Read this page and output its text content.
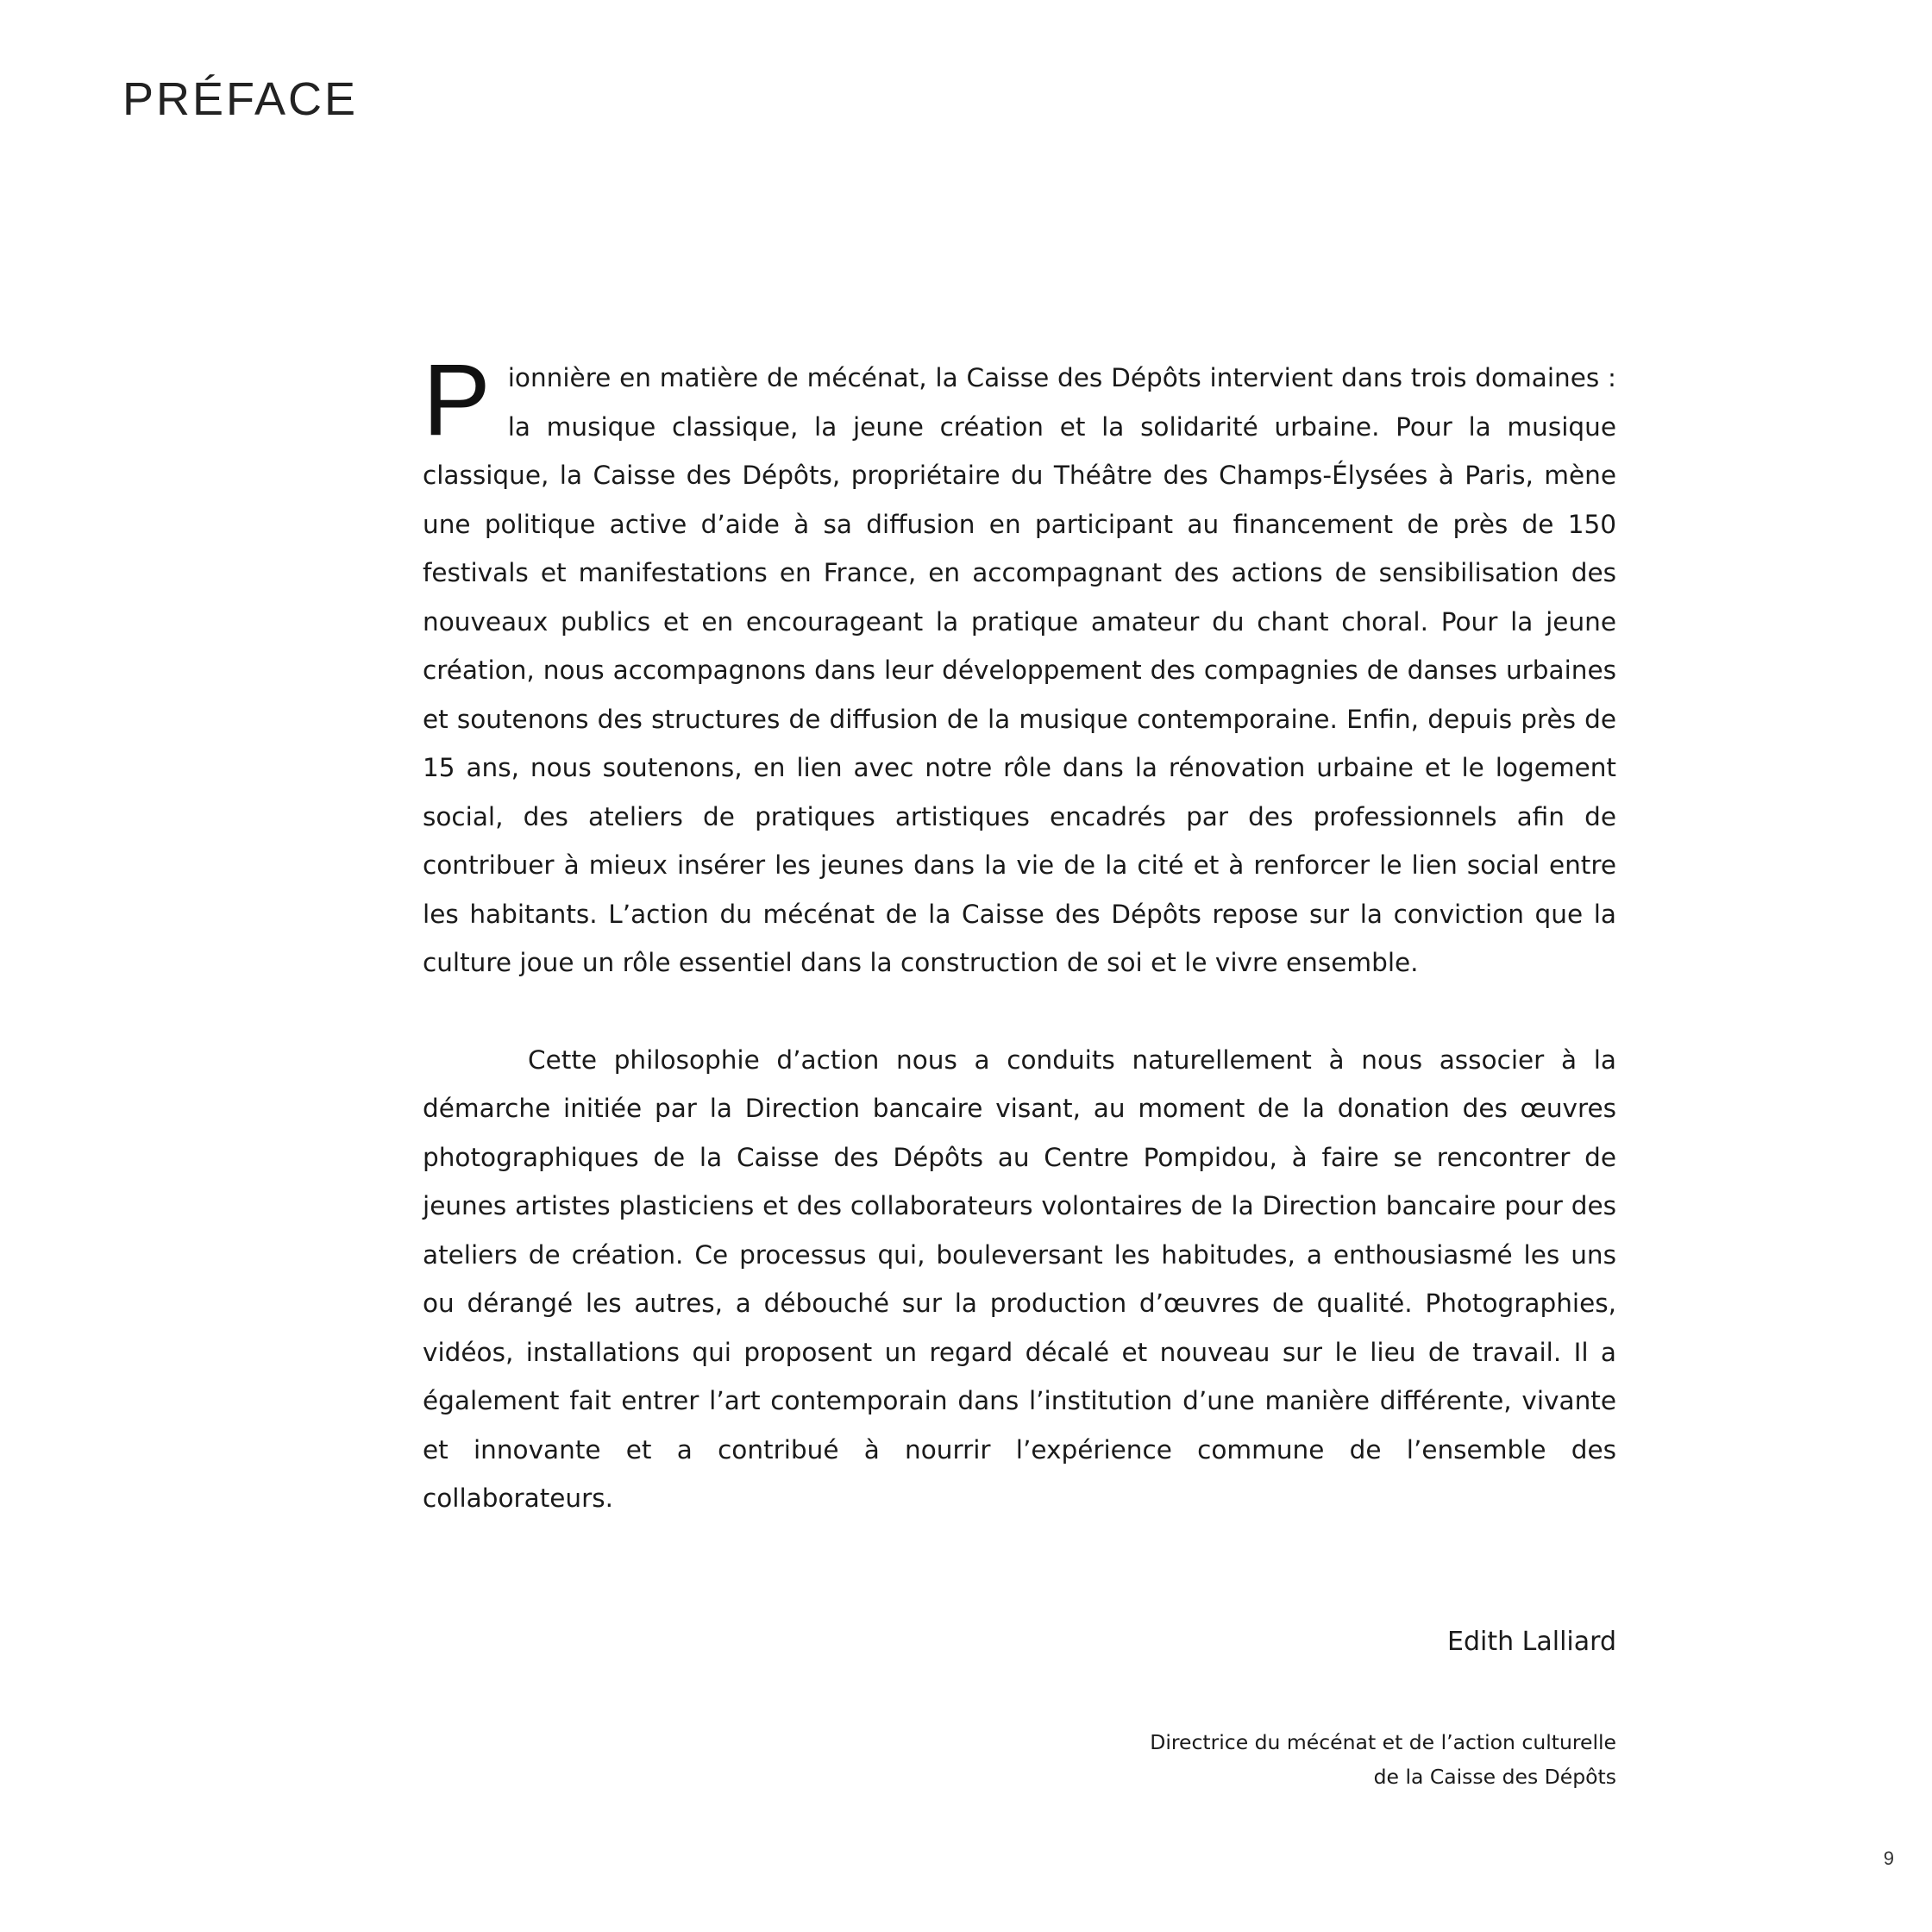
PRÉFACE

Pionnière en matière de mécénat, la Caisse des Dépôts intervient dans trois domaines : la musique classique, la jeune création et la solidarité urbaine. Pour la musique classique, la Caisse des Dépôts, propriétaire du Théâtre des Champs-Élysées à Paris, mène une politique active d’aide à sa diffusion en participant au financement de près de 150 festivals et manifestations en France, en accompagnant des actions de sensibilisation des nouveaux publics et en encourageant la pratique amateur du chant choral. Pour la jeune création, nous accompagnons dans leur développement des compagnies de danses urbaines et soutenons des structures de diffusion de la musique contemporaine. Enfin, depuis près de 15 ans, nous soutenons, en lien avec notre rôle dans la rénovation urbaine et le logement social, des ateliers de pratiques artistiques encadrés par des professionnels afin de contribuer à mieux insérer les jeunes dans la vie de la cité et à renforcer le lien social entre les habitants. L’action du mécénat de la Caisse des Dépôts repose sur la conviction que la culture joue un rôle essentiel dans la construction de soi et le vivre ensemble.

Cette philosophie d’action nous a conduits naturellement à nous associer à la démarche initiée par la Direction bancaire visant, au moment de la donation des œuvres photographiques de la Caisse des Dépôts au Centre Pompidou, à faire se rencontrer de jeunes artistes plasticiens et des collaborateurs volontaires de la Direction bancaire pour des ateliers de création. Ce processus qui, bouleversant les habitudes, a enthousiasmé les uns ou dérangé les autres, a débouché sur la production d’œuvres de qualité. Photographies, vidéos, installations qui proposent un regard décalé et nouveau sur le lieu de travail. Il a également fait entrer l’art contemporain dans l’institution d’une manière différente, vivante et innovante et a contribué à nourrir l’expérience commune de l’ensemble des collaborateurs.

Edith Lalliard

Directrice du mécénat et de l’action culturelle
de la Caisse des Dépôts

9
